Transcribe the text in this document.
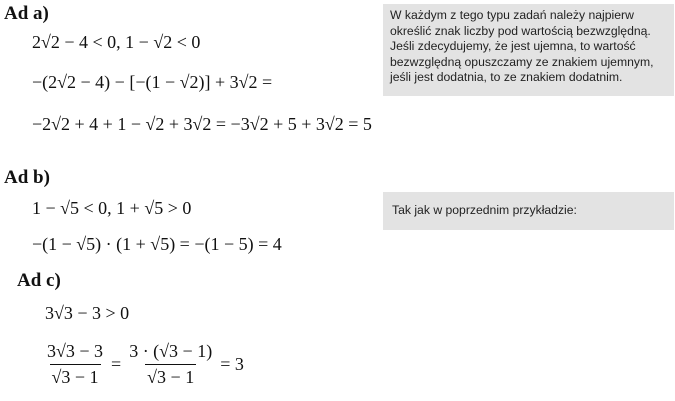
Ad a)
2√2 − 4 < 0, 1 − √2 < 0
−(2√2 − 4) − [−(1 − √2)] + 3√2 =
−2√2 + 4 + 1 − √2 + 3√2 = −3√2 + 5 + 3√2 = 5
W każdym z tego typu zadań należy najpierw
określić znak liczby pod wartością bezwzględną.
Jeśli zdecydujemy, że jest ujemna, to wartość
bezwzględną opuszczamy ze znakiem ujemnym,
jeśli jest dodatnia, to ze znakiem dodatnim.
Ad b)
1 − √5 < 0, 1 + √5 > 0
−(1 − √5) · (1 + √5) = −(1 − 5) = 4
Tak jak w poprzednim przykładzie:
Ad c)
3√3 − 3 > 0
$\frac{3√3 - 3}{√3 - 1} = \frac{3 \cdot (√3 - 1)}{√3 - 1} = 3$
